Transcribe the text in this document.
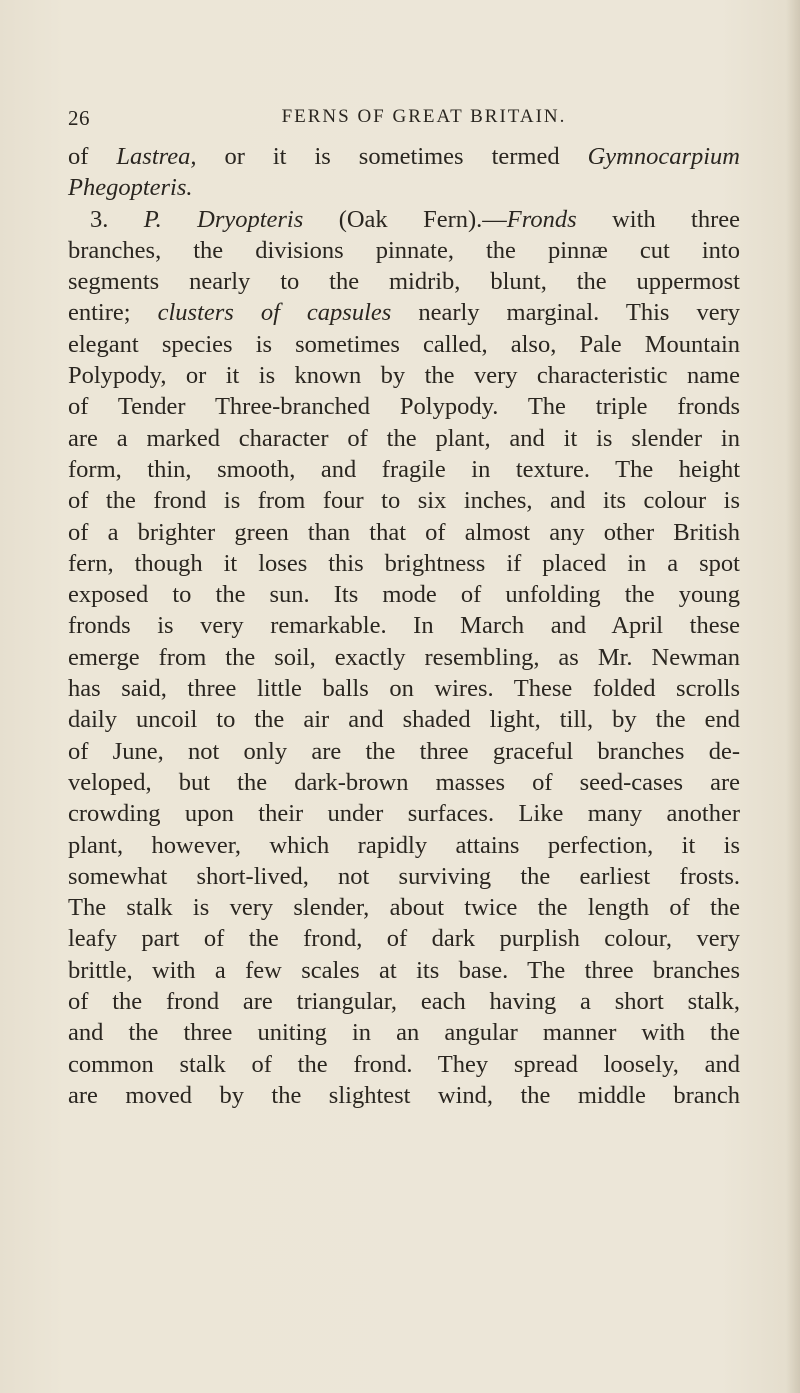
26	FERNS OF GREAT BRITAIN.
of Lastrea, or it is sometimes termed Gymnocarpium
Phegopteris.
3. P. Dryopteris (Oak Fern).—Fronds with three
branches, the divisions pinnate, the pinnæ cut into
segments nearly to the midrib, blunt, the uppermost
entire; clusters of capsules nearly marginal. This very
elegant species is sometimes called, also, Pale Mountain
Polypody, or it is known by the very characteristic name
of Tender Three-branched Polypody. The triple fronds
are a marked character of the plant, and it is slender in
form, thin, smooth, and fragile in texture. The height
of the frond is from four to six inches, and its colour is
of a brighter green than that of almost any other British
fern, though it loses this brightness if placed in a spot
exposed to the sun. Its mode of unfolding the young
fronds is very remarkable. In March and April these
emerge from the soil, exactly resembling, as Mr. Newman
has said, three little balls on wires. These folded scrolls
daily uncoil to the air and shaded light, till, by the end
of June, not only are the three graceful branches de-
veloped, but the dark-brown masses of seed-cases are
crowding upon their under surfaces. Like many another
plant, however, which rapidly attains perfection, it is
somewhat short-lived, not surviving the earliest frosts.
The stalk is very slender, about twice the length of the
leafy part of the frond, of dark purplish colour, very
brittle, with a few scales at its base. The three branches
of the frond are triangular, each having a short stalk,
and the three uniting in an angular manner with the
common stalk of the frond. They spread loosely, and
are moved by the slightest wind, the middle branch
